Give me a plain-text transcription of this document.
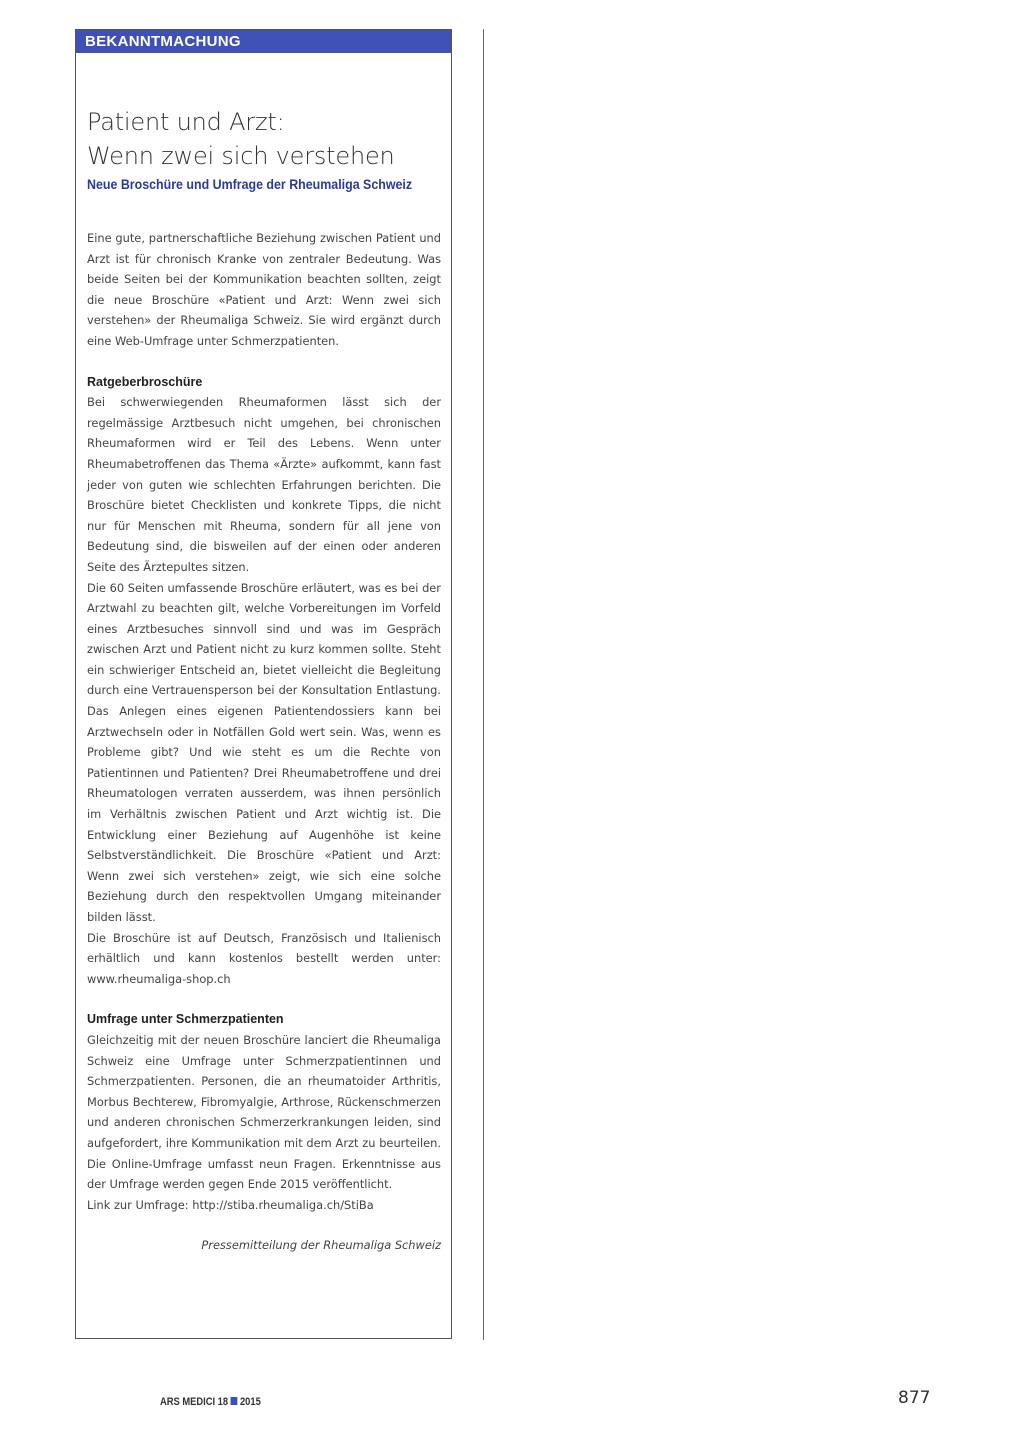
BEKANNTMACHUNG
Patient und Arzt:
Wenn zwei sich verstehen
Neue Broschüre und Umfrage der Rheumaliga Schweiz

Eine gute, partnerschaftliche Beziehung zwischen Patient und Arzt ist für chronisch Kranke von zentraler Bedeutung. Was beide Seiten bei der Kommunikation beachten sollten, zeigt die neue Broschüre «Patient und Arzt: Wenn zwei sich verstehen» der Rheumaliga Schweiz. Sie wird ergänzt durch eine Web-Umfrage unter Schmerzpatienten.

Ratgeberbroschüre

Bei schwerwiegenden Rheumaformen lässt sich der regelmässige Arztbesuch nicht umgehen, bei chronischen Rheumaformen wird er Teil des Lebens. Wenn unter Rheumabetroffenen das Thema «Ärzte» aufkommt, kann fast jeder von guten wie schlechten Erfahrungen berichten. Die Broschüre bietet Checklisten und konkrete Tipps, die nicht nur für Menschen mit Rheuma, sondern für all jene von Bedeutung sind, die bisweilen auf der einen oder anderen Seite des Ärztepultes sitzen.

Die 60 Seiten umfassende Broschüre erläutert, was es bei der Arztwahl zu beachten gilt, welche Vorbereitungen im Vorfeld eines Arztbesuches sinnvoll sind und was im Gespräch zwischen Arzt und Patient nicht zu kurz kommen sollte. Steht ein schwieriger Entscheid an, bietet vielleicht die Begleitung durch eine Vertrauensperson bei der Konsultation Entlastung. Das Anlegen eines eigenen Patientendossiers kann bei Arztwechseln oder in Notfällen Gold wert sein. Was, wenn es Probleme gibt? Und wie steht es um die Rechte von Patientinnen und Patienten? Drei Rheumabetroffene und drei Rheumatologen verraten ausserdem, was ihnen persönlich im Verhältnis zwischen Patient und Arzt wichtig ist. Die Entwicklung einer Beziehung auf Augenhöhe ist keine Selbstverständlichkeit. Die Broschüre «Patient und Arzt: Wenn zwei sich verstehen» zeigt, wie sich eine solche Beziehung durch den respektvollen Umgang miteinander bilden lässt.

Die Broschüre ist auf Deutsch, Französisch und Italienisch erhältlich und kann kostenlos bestellt werden unter: www.rheumaliga-shop.ch

Umfrage unter Schmerzpatienten

Gleichzeitig mit der neuen Broschüre lanciert die Rheumaliga Schweiz eine Umfrage unter Schmerzpatientinnen und Schmerzpatienten. Personen, die an rheumatoider Arthritis, Morbus Bechterew, Fibromyalgie, Arthrose, Rückenschmerzen und anderen chronischen Schmerzerkrankungen leiden, sind aufgefordert, ihre Kommunikation mit dem Arzt zu beurteilen. Die Online-Umfrage umfasst neun Fragen. Erkenntnisse aus der Umfrage werden gegen Ende 2015 veröffentlicht.

Link zur Umfrage: http://stiba.rheumaliga.ch/StiBa

Pressemitteilung der Rheumaliga Schweiz
ARS MEDICI 18 2015	877
